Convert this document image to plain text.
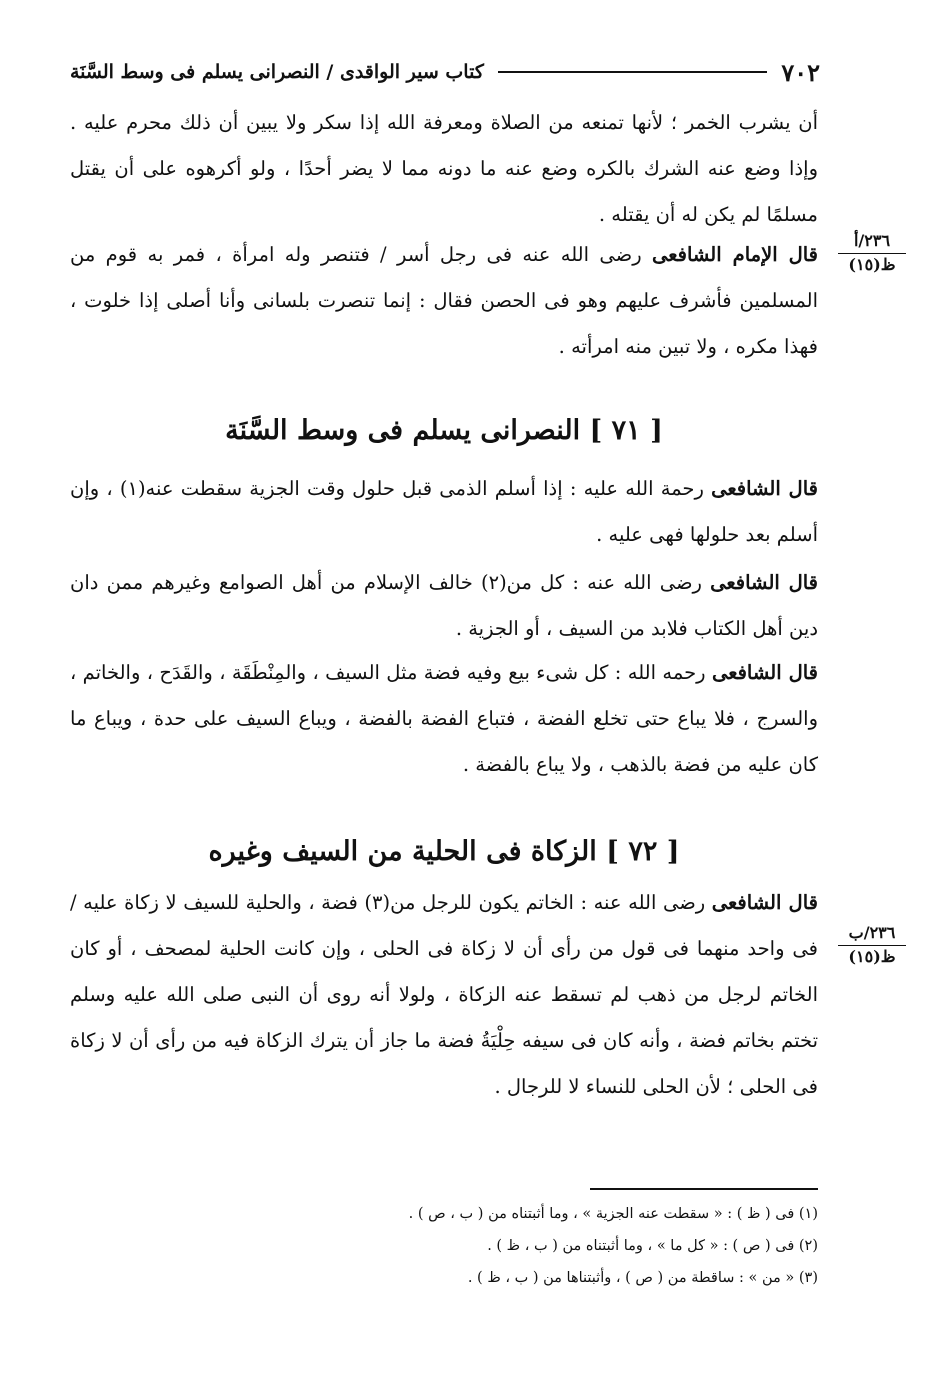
٧٠٢
كتاب سير الواقدى / النصرانى يسلم فى وسط السَّنَة
أن يشرب الخمر ؛ لأنها تمنعه من الصلاة ومعرفة الله إذا سكر ولا يبين أن ذلك محرم عليه . وإذا وضع عنه الشرك بالكره وضع عنه ما دونه مما لا يضر أحدًا ، ولو أكرهوه على أن يقتل مسلمًا لم يكن له أن يقتله .
قال الإمام الشافعى رضى الله عنه فى رجل أسر / فتنصر وله امرأة ، فمر به قوم من المسلمين فأشرف عليهم وهو فى الحصن فقال : إنما تنصرت بلسانى وأنا أصلى إذا خلوت ، فهذا مكره ، ولا تبين منه امرأته .
٢٣٦/أ
ظ(١٥)
[ ٧١ ] النصرانى يسلم فى وسط السَّنَة
قال الشافعى رحمة الله عليه : إذا أسلم الذمى قبل حلول وقت الجزية سقطت عنه(١) ، وإن أسلم بعد حلولها فهى عليه .
قال الشافعى رضى الله عنه : كل من(٢) خالف الإسلام من أهل الصوامع وغيرهم ممن دان دين أهل الكتاب فلابد من السيف ، أو الجزية .
قال الشافعى رحمه الله : كل شىء بيع وفيه فضة مثل السيف ، والمِنْطَقَة ، والقَدَح ، والخاتم ، والسرج ، فلا يباع حتى تخلع الفضة ، فتباع الفضة بالفضة ، ويباع السيف على حدة ، ويباع ما كان عليه من فضة بالذهب ، ولا يباع بالفضة .
[ ٧٢ ] الزكاة فى الحلية من السيف وغيره
قال الشافعى رضى الله عنه : الخاتم يكون للرجل من(٣) فضة ، والحلية للسيف لا زكاة عليه / فى واحد منهما فى قول من رأى أن لا زكاة فى الحلى ، وإن كانت الحلية لمصحف ، أو كان الخاتم لرجل من ذهب لم تسقط عنه الزكاة ، ولولا أنه روى أن النبى صلى الله عليه وسلم تختم بخاتم فضة ، وأنه كان فى سيفه حِلْيَةُ فضة ما جاز أن يترك الزكاة فيه من رأى أن لا زكاة فى الحلى ؛ لأن الحلى للنساء لا للرجال .
٢٣٦/ب
ظ(١٥)
(١) فى ( ظ ) : « سقطت عنه الجزية » ، وما أثبتناه من ( ب ، ص ) .
(٢) فى ( ص ) : « كل ما » ، وما أثبتناه من ( ب ، ظ ) .
(٣) « من » : ساقطة من ( ص ) ، وأثبتناها من ( ب ، ظ ) .
